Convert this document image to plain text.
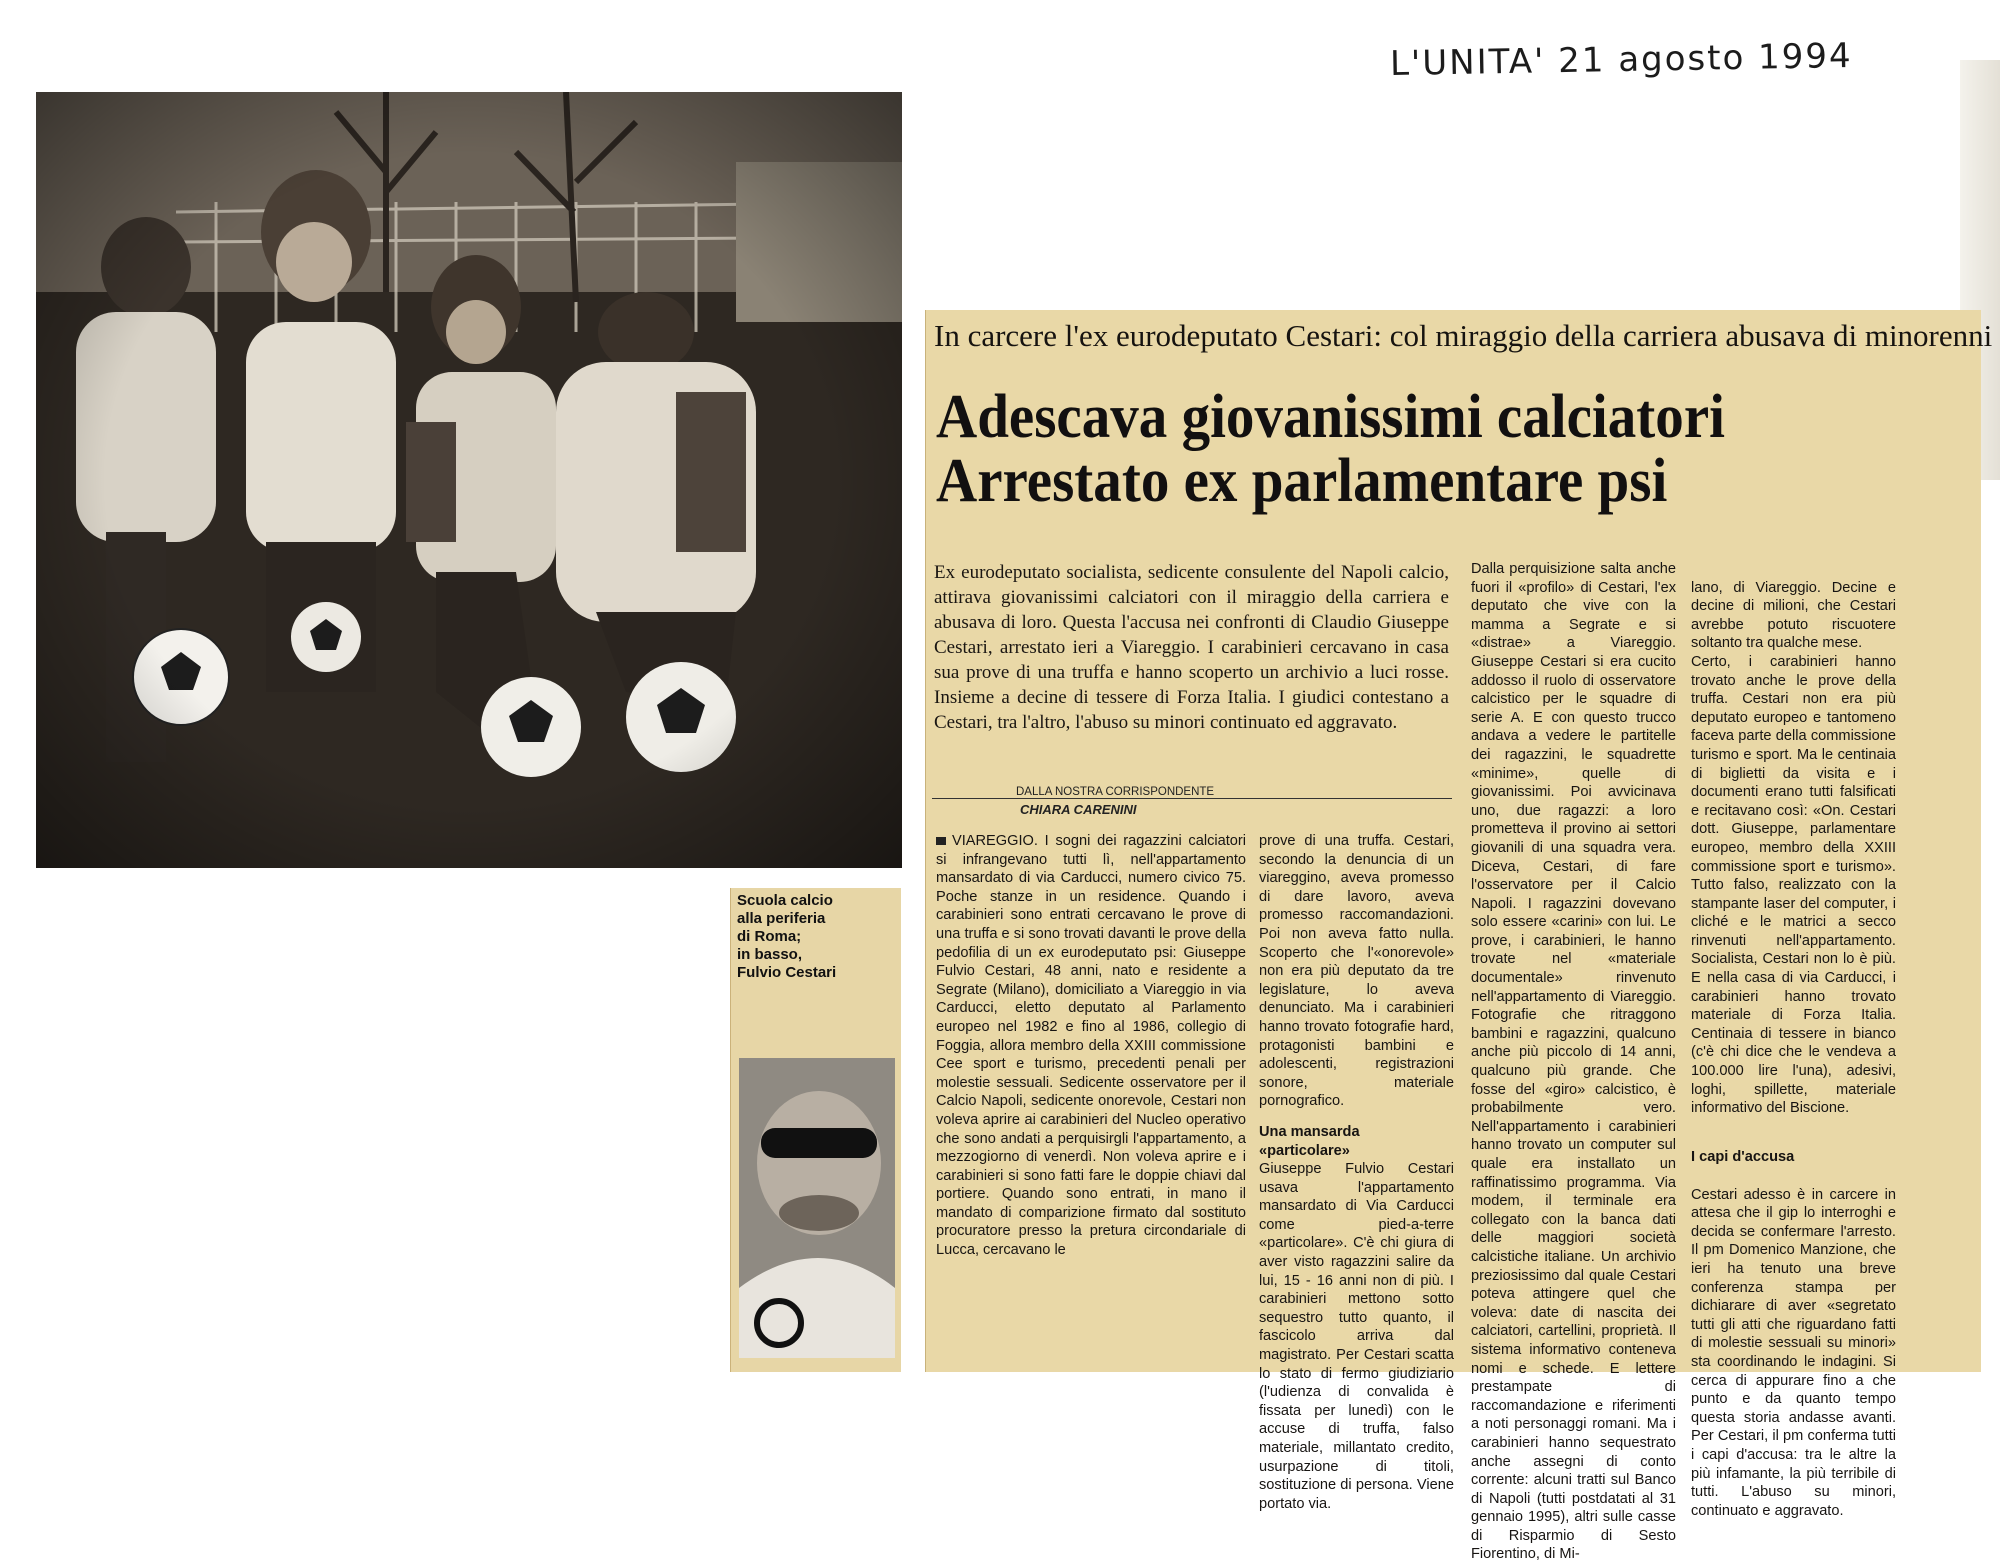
L'UNITA' 21 agosto 1994
Scuola calcio
alla periferia
di Roma;
in basso,
Fulvio Cestari
In carcere l'ex eurodeputato Cestari: col miraggio della carriera abusava di minorenni
Adescava giovanissimi calciatori
Arrestato ex parlamentare psi
Ex eurodeputato socialista, sedicente consulente del Napoli calcio, attirava giovanissimi calciatori con il miraggio della carriera e abusava di loro. Questa l'accusa nei confronti di Claudio Giuseppe Cestari, arrestato ieri a Viareggio. I carabinieri cercavano in casa sua prove di una truffa e hanno scoperto un archivio a luci rosse. Insieme a decine di tessere di Forza Italia. I giudici contestano a Cestari, tra l'altro, l'abuso su minori continuato ed aggravato.
DALLA NOSTRA CORRISPONDENTE
CHIARA CARENINI
VIAREGGIO. I sogni dei ragazzini calciatori si infrangevano tutti lì, nell'appartamento mansardato di via Carducci, numero civico 75. Poche stanze in un residence. Quando i carabinieri sono entrati cercavano le prove di una truffa e si sono trovati davanti le prove della pedofilia di un ex eurodeputato psi: Giuseppe Fulvio Cestari, 48 anni, nato e residente a Segrate (Milano), domiciliato a Viareggio in via Carducci, eletto deputato al Parlamento europeo nel 1982 e fino al 1986, collegio di Foggia, allora membro della XXIII commissione Cee sport e turismo, precedenti penali per molestie sessuali. Sedicente osservatore per il Calcio Napoli, sedicente onorevole, Cestari non voleva aprire ai carabinieri del Nucleo operativo che sono andati a perquisirgli l'appartamento, a mezzogiorno di venerdì. Non voleva aprire e i carabinieri si sono fatti fare le doppie chiavi dal portiere. Quando sono entrati, in mano il mandato di comparizione firmato dal sostituto procuratore presso la pretura circondariale di Lucca, cercavano le

prove di una truffa. Cestari, secondo la denuncia di un viareggino, aveva promesso di dare lavoro, aveva promesso raccomandazioni. Poi non aveva fatto nulla. Scoperto che l'«onorevole» non era più deputato da tre legislature, lo aveva denunciato. Ma i carabinieri hanno trovato fotografie hard, protagonisti bambini e adolescenti, registrazioni sonore, materiale pornografico.

Una mansarda «particolare»

Giuseppe Fulvio Cestari usava l'appartamento mansardato di Via Carducci come pied-a-terre «particolare». C'è chi giura di aver visto ragazzini salire da lui, 15 - 16 anni non di più. I carabinieri mettono sotto sequestro tutto quanto, il fascicolo arriva dal magistrato. Per Cestari scatta lo stato di fermo giudiziario (l'udienza di convalida è fissata per lunedì) con le accuse di truffa, falso materiale, millantato credito, usurpazione di titoli, sostituzione di persona. Viene portato via.

Dalla perquisizione salta anche fuori il «profilo» di Cestari, l'ex deputato che vive con la mamma a Segrate e si «distrae» a Viareggio. Giuseppe Cestari si era cucito addosso il ruolo di osservatore calcistico per le squadre di serie A. E con questo trucco andava a vedere le partitelle dei ragazzini, le squadrette «minime», quelle di giovanissimi. Poi avvicinava uno, due ragazzi: a loro prometteva il provino ai settori giovanili di una squadra vera. Diceva, Cestari, di fare l'osservatore per il Calcio Napoli. I ragazzini dovevano solo essere «carini» con lui. Le prove, i carabinieri, le hanno trovate nel «materiale documentale» rinvenuto nell'appartamento di Viareggio. Fotografie che ritraggono bambini e ragazzini, qualcuno anche più piccolo di 14 anni, qualcuno più grande. Che fosse del «giro» calcistico, è probabilmente vero. Nell'appartamento i carabinieri hanno trovato un computer sul quale era installato un raffinatissimo programma. Via modem, il terminale era collegato con la banca dati delle maggiori società calcistiche italiane. Un archivio preziosissimo dal quale Cestari poteva attingere quel che voleva: date di nascita dei calciatori, cartellini, proprietà. Il sistema informativo conteneva nomi e schede. E lettere prestampate di raccomandazione e riferimenti a noti personaggi romani. Ma i carabinieri hanno sequestrato anche assegni di conto corrente: alcuni tratti sul Banco di Napoli (tutti postdatati al 31 gennaio 1995), altri sulle casse di Risparmio di Sesto Fiorentino, di Mi-

lano, di Viareggio. Decine e decine di milioni, che Cestari avrebbe potuto riscuotere soltanto tra qualche mese.
Certo, i carabinieri hanno trovato anche le prove della truffa. Cestari non era più deputato europeo e tantomeno faceva parte della commissione turismo e sport. Ma le centinaia di biglietti da visita e i documenti erano tutti falsificati e recitavano così: «On. Cestari dott. Giuseppe, parlamentare europeo, membro della XXIII commissione sport e turismo». Tutto falso, realizzato con la stampante laser del computer, i cliché e le matrici a secco rinvenuti nell'appartamento. Socialista, Cestari non lo è più. E nella casa di via Carducci, i carabinieri hanno trovato materiale di Forza Italia. Centinaia di tessere in bianco (c'è chi dice che le vendeva a 100.000 lire l'una), adesivi, loghi, spillette, materiale informativo del Biscione.

I capi d'accusa

Cestari adesso è in carcere in attesa che il gip lo interroghi e decida se confermare l'arresto. Il pm Domenico Manzione, che ieri ha tenuto una breve conferenza stampa per dichiarare di aver «segretato tutti gli atti che riguardano fatti di molestie sessuali su minori» sta coordinando le indagini. Si cerca di appurare fino a che punto e da quanto tempo questa storia andasse avanti. Per Cestari, il pm conferma tutti i capi d'accusa: tra le altre la più infamante, la più terribile di tutti. L'abuso su minori, continuato e aggravato.
